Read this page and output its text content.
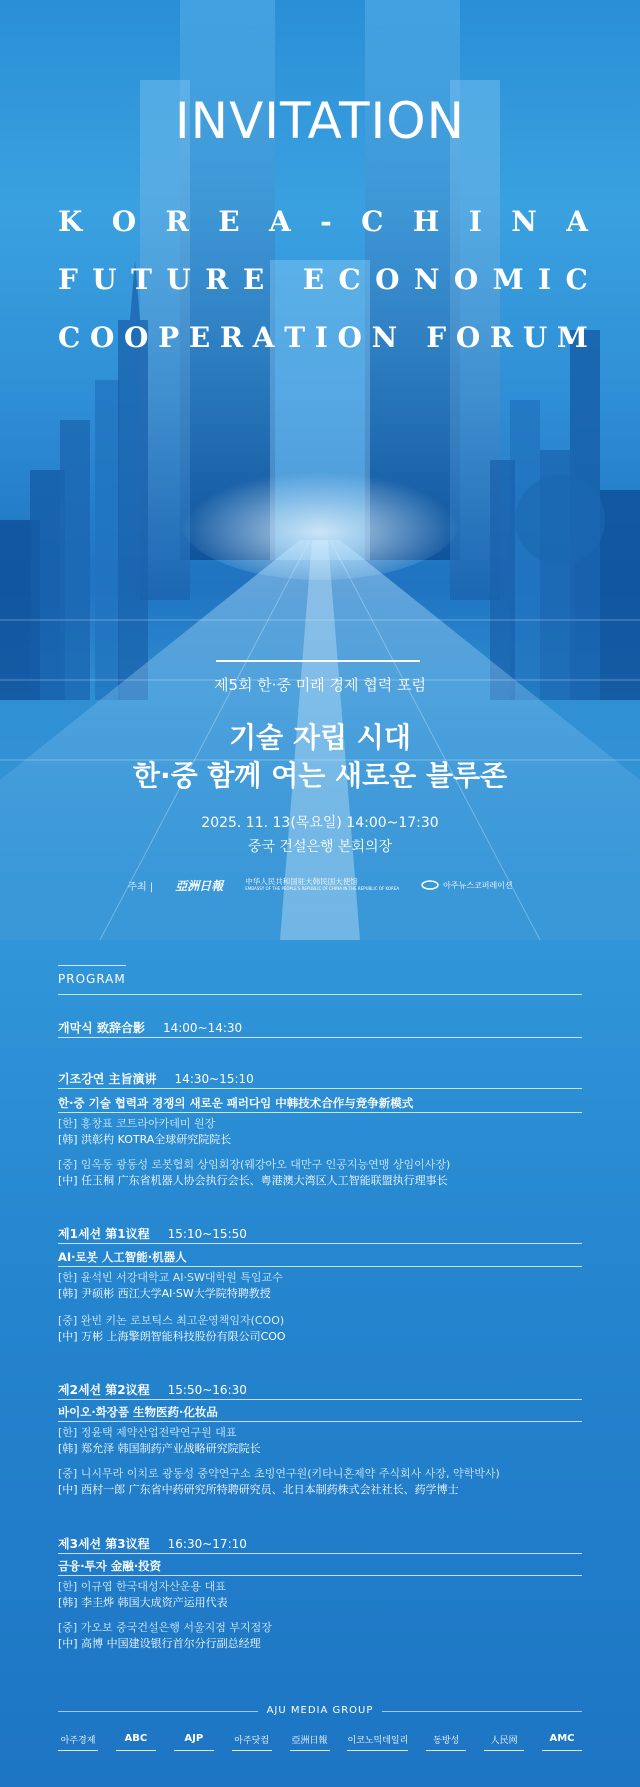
INVITATION
K O R E A - C H I N A
F U T U R E
E C O N O M I C
C O O P E R A T I O N
F O R U M
제5회 한·중 미래 경제 협력 포럼
기술 자립 시대
한·중 함께 여는 새로운 블루존
2025. 11. 13(목요일) 14:00~17:30
중국 건설은행 본회의장
주최 | 亞洲日報	中华人民共和国驻大韩民国大使馆
EMBASSY OF THE PEOPLE'S REPUBLIC OF CHINA IN THE REPUBLIC OF KOREA	아주뉴스코퍼레이션
PROGRAM
개막식 致辞合影 14:00~14:30
기조강연 主旨演讲 14:30~15:10
한·중 기술 협력과 경쟁의 새로운 패러다임 中韩技术合作与竞争新模式
[한] 홍창표 코트라아카데미 원장
[韩] 洪彰杓 KOTRA全球研究院院长
[중] 임옥동 광동성 로봇협회 상임회장(웨강아오 대만구 인공지능연맹 상임이사장)
[中] 任玉桐 广东省机器人协会执行会长、粤港澳大湾区人工智能联盟执行理事长
제1세션 第1议程 15:10~15:50
AI·로봇 人工智能·机器人
[한] 윤석빈 서강대학교 AI·SW대학원 특임교수
[韩] 尹硕彬 西江大学AI·SW大学院特聘教授
[중] 완빈 키논 로보틱스 최고운영책임자(COO)
[中] 万彬 上海擎朗智能科技股份有限公司COO
제2세션 第2议程 15:50~16:30
바이오·화장품 生物医药·化妆品
[한] 정윤택 제약산업전략연구원 대표
[韩] 郑允泽 韩国制药产业战略研究院院长
[중] 니시무라 이치로 광동성 중약연구소 초빙연구원(키타니혼제약 주식회사 사장, 약학박사)
[中] 西村一郎 广东省中药研究所特聘研究员、北日本制药株式会社社长、药学博士
제3세션 第3议程 16:30~17:10
금융·투자 金融·投资
[한] 이규엽 한국대성자산운용 대표
[韩] 李圭烨 韩国大成资产运用代表
[중] 가오보 중국건설은행 서울지점 부지점장
[中] 高博 中国建设银行首尔分行副总经理
AJU MEDIA GROUP
아주경제	ABC	AJP	아주닷컴 亞洲日報 이코노믹데일리	동방성	人民网	AMC
